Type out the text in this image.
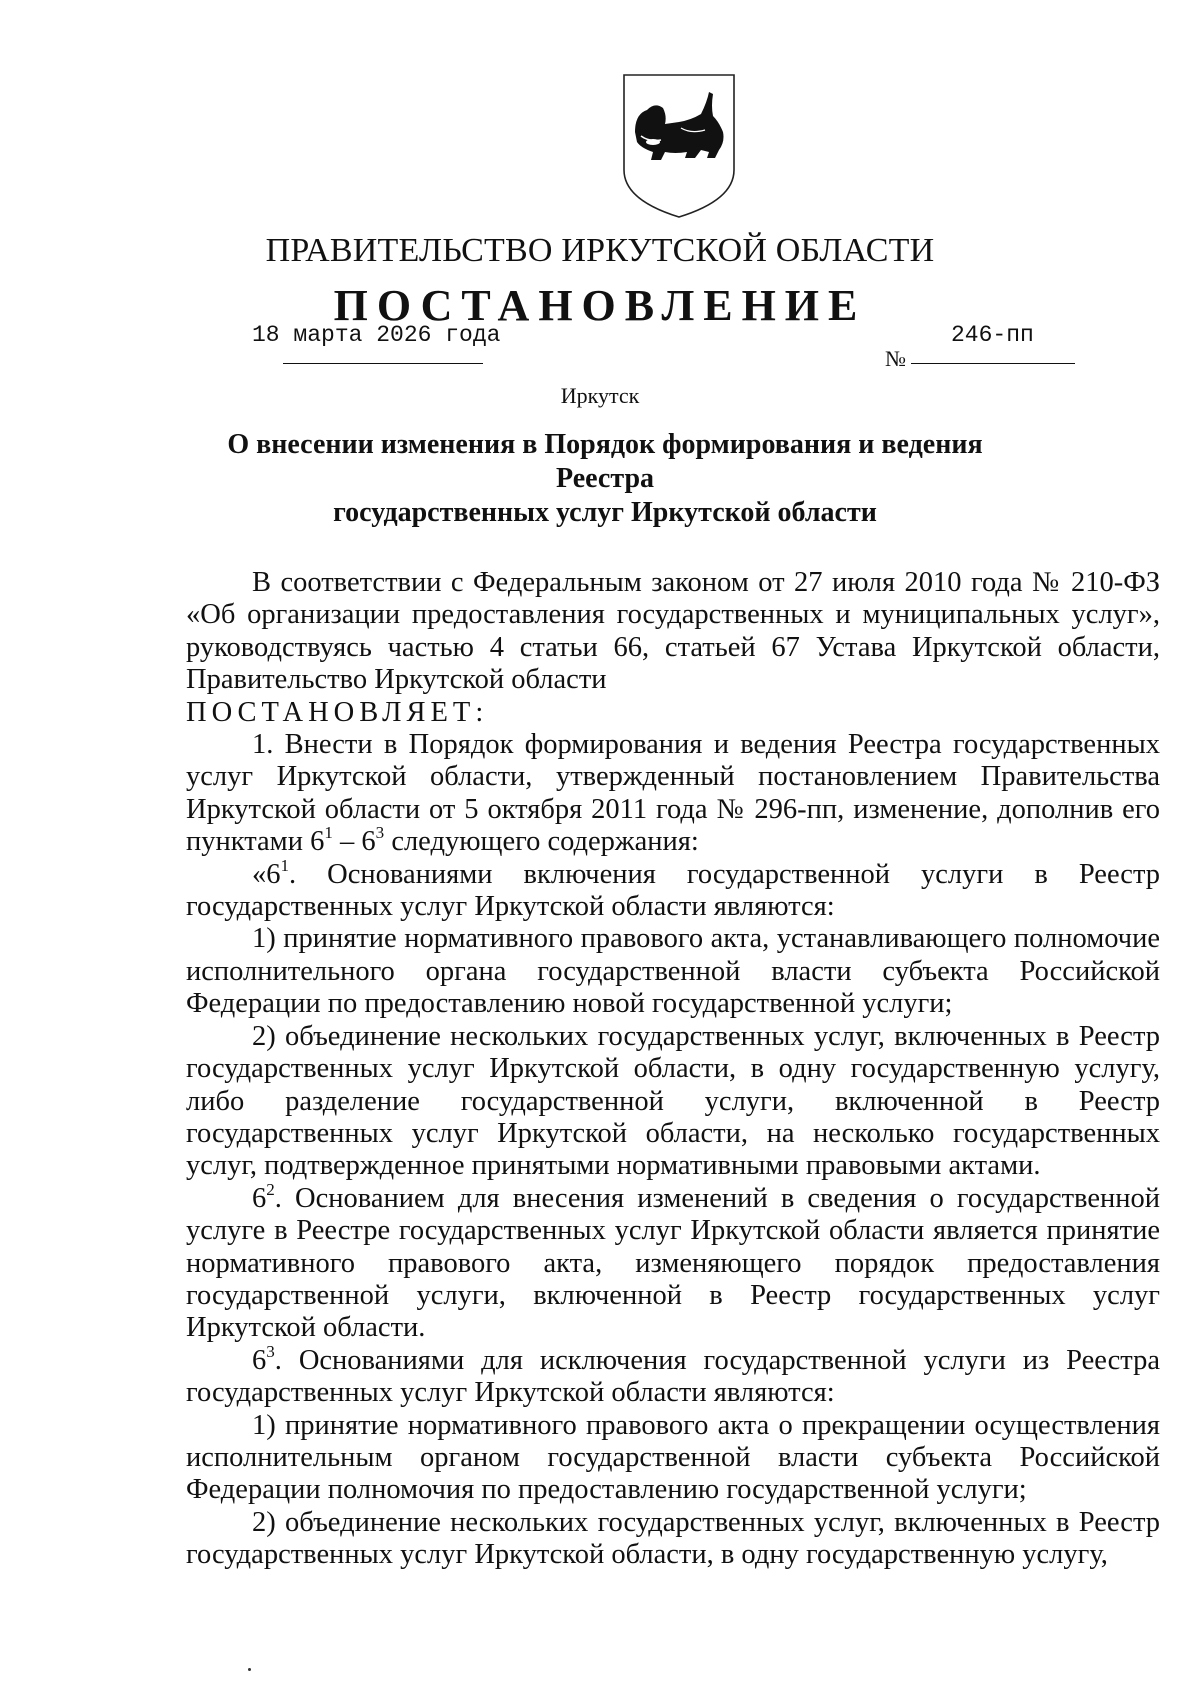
ПРАВИТЕЛЬСТВО ИРКУТСКОЙ ОБЛАСТИ
ПОСТАНОВЛЕНИЕ
18 марта 2026 года
№
246-пп
Иркутск
О внесении изменения в Порядок формирования и ведения Реестра
государственных услуг Иркутской области

В соответствии с Федеральным законом от 27 июля 2010 года № 210-ФЗ «Об организации предоставления государственных и муниципальных услуг», руководствуясь частью 4 статьи 66, статьей 67 Устава Иркутской области, Правительство Иркутской области

ПОСТАНОВЛЯЕТ:

1. Внести в Порядок формирования и ведения Реестра государственных услуг Иркутской области, утвержденный постановлением Правительства Иркутской области от 5 октября 2011 года № 296-пп, изменение, дополнив его пунктами $6^1 - 6^3$ следующего содержания:

«$6^1$. Основаниями включения государственной услуги в Реестр государственных услуг Иркутской области являются:

1) принятие нормативного правового акта, устанавливающего полномочие исполнительного органа государственной власти субъекта Российской Федерации по предоставлению новой государственной услуги;

2) объединение нескольких государственных услуг, включенных в Реестр государственных услуг Иркутской области, в одну государственную услугу, либо разделение государственной услуги, включенной в Реестр государственных услуг Иркутской области, на несколько государственных услуг, подтвержденное принятыми нормативными правовыми актами.

$6^2$. Основанием для внесения изменений в сведения о государственной услуге в Реестре государственных услуг Иркутской области является принятие нормативного правового акта, изменяющего порядок предоставления государственной услуги, включенной в Реестр государственных услуг Иркутской области.

$6^3$. Основаниями для исключения государственной услуги из Реестра государственных услуг Иркутской области являются:

1) принятие нормативного правового акта о прекращении осуществления исполнительным органом государственной власти субъекта Российской Федерации полномочия по предоставлению государственной услуги;

2) объединение нескольких государственных услуг, включенных в Реестр государственных услуг Иркутской области, в одну государственную услугу,
